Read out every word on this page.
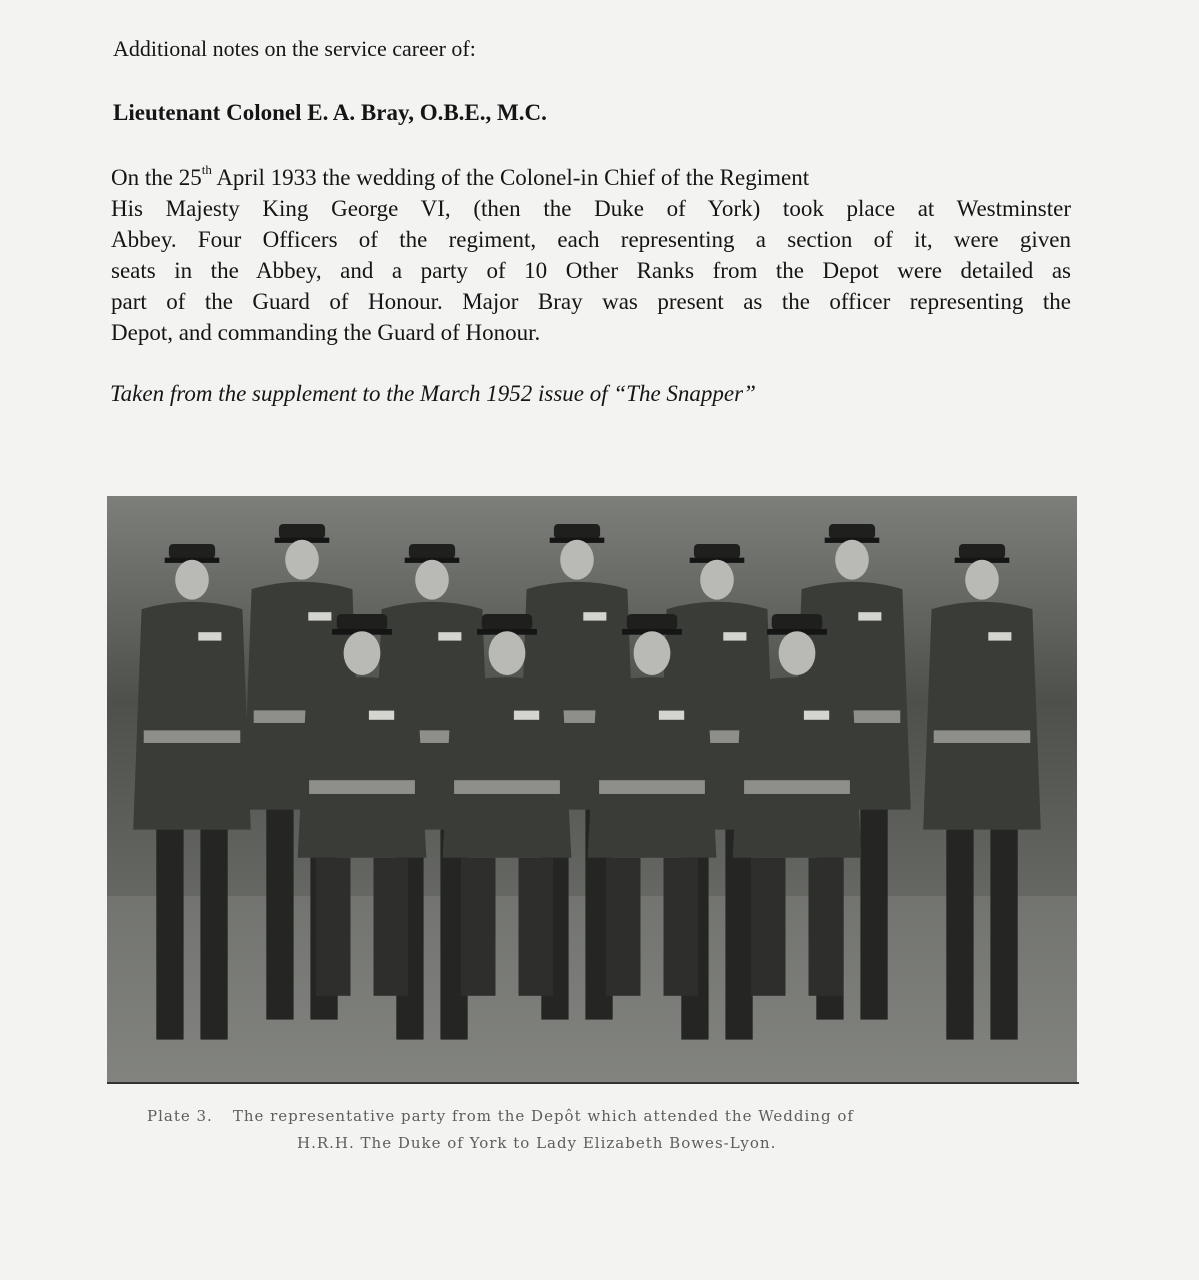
Additional notes on the service career of:
Lieutenant Colonel E. A. Bray, O.B.E., M.C.
On the 25th April 1933 the wedding of the Colonel-in Chief of the Regiment
His Majesty King George VI, (then the Duke of York) took place at Westminster
Abbey. Four Officers of the regiment, each representing a section of it, were given
seats in the Abbey, and a party of 10 Other Ranks from the Depot were detailed as
part of the Guard of Honour. Major Bray was present as the officer representing the
Depot, and commanding the Guard of Honour.
Taken from the supplement to the March 1952 issue of “The Snapper”
Plate 3. The representative party from the Depôt which attended the Wedding of
H.R.H. The Duke of York to Lady Elizabeth Bowes-Lyon.
